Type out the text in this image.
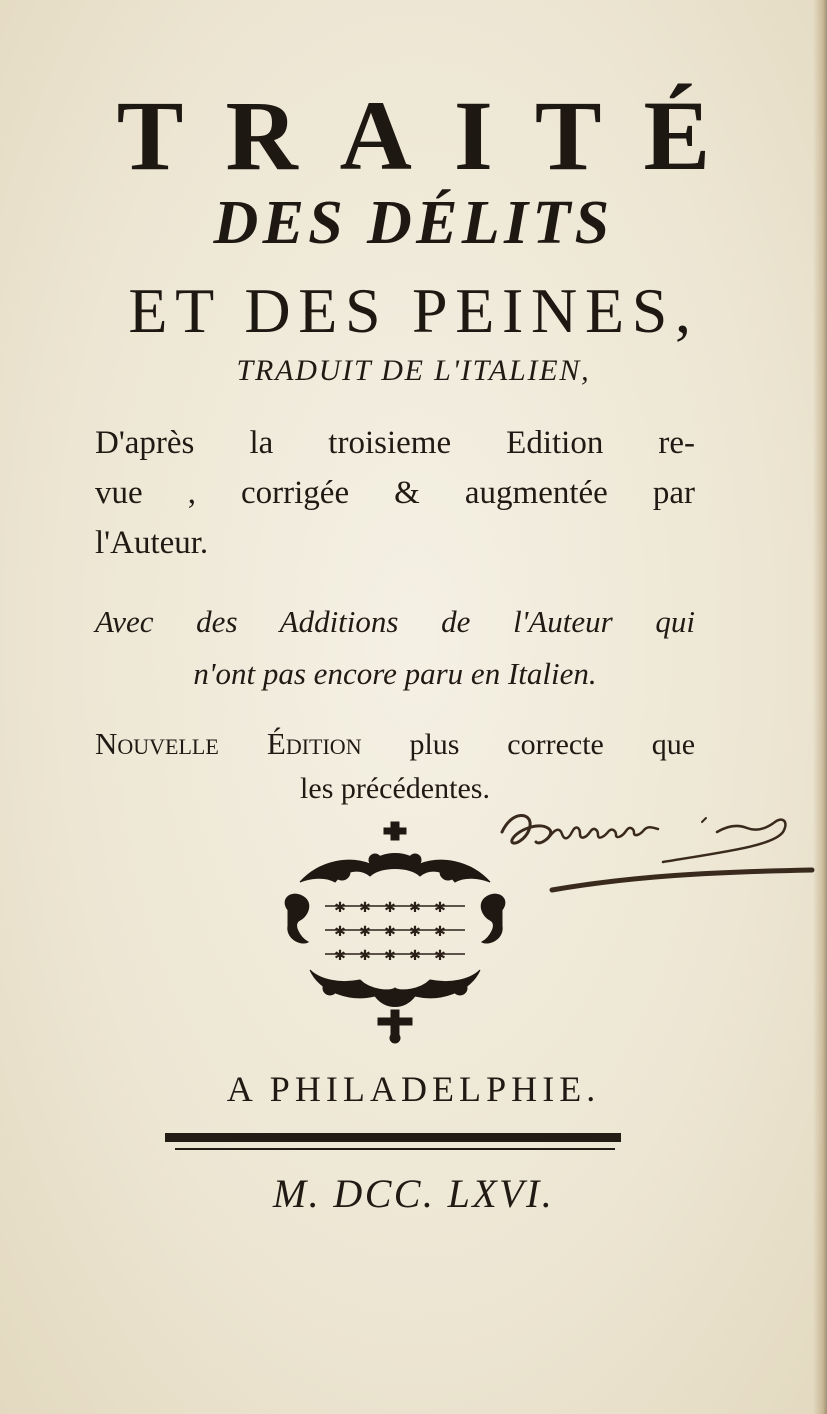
TRAITÉ
DES DÉLITS
ET DES PEINES,
TRADUIT DE L'ITALIEN,
D'après la troisieme Edition re-
vue , corrigée & augmentée par
l'Auteur.
Avec des Additions de l'Auteur qui
n'ont pas encore paru en Italien.
Nouvelle Édition plus correcte que
les précédentes.
✱ ✱ ✱ ✱ ✱
✱ ✱ ✱ ✱ ✱
✱ ✱ ✱ ✱ ✱
A PHILADELPHIE.
M. DCC. LXVI.
